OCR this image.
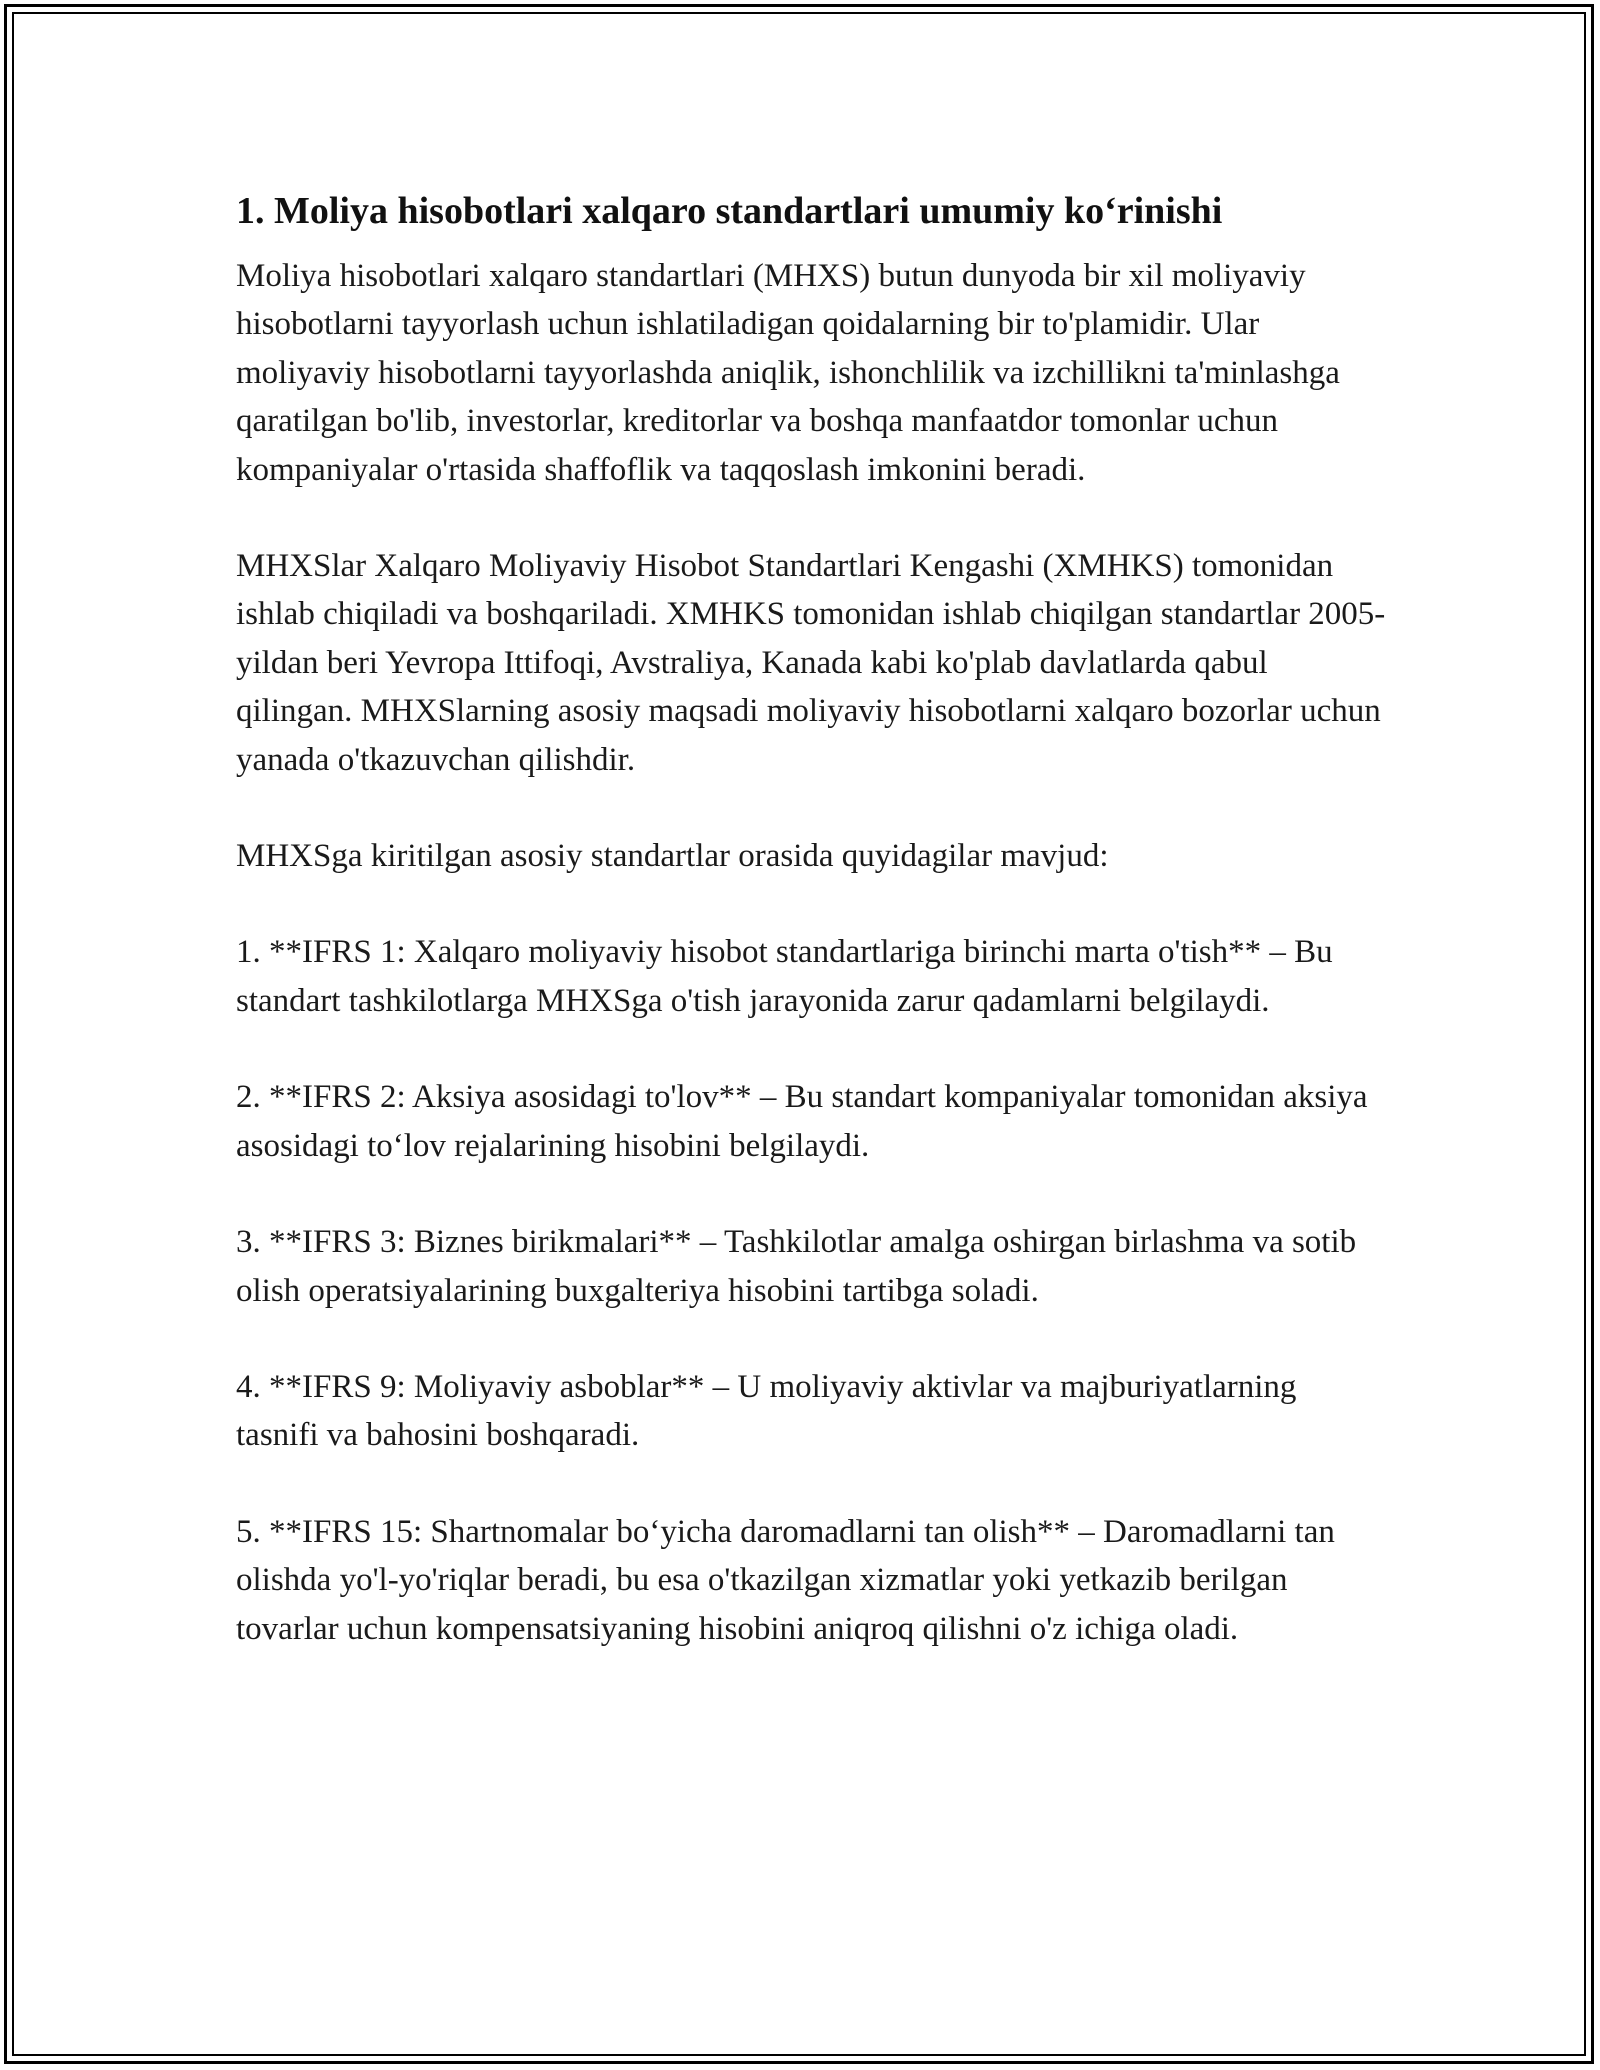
1. Moliya hisobotlari xalqaro standartlari umumiy ko‘rinishi

Moliya hisobotlari xalqaro standartlari (MHXS) butun dunyoda bir xil moliyaviy hisobotlarni tayyorlash uchun ishlatiladigan qoidalarning bir to'plamidir. Ular moliyaviy hisobotlarni tayyorlashda aniqlik, ishonchlilik va izchillikni ta'minlashga qaratilgan bo'lib, investorlar, kreditorlar va boshqa manfaatdor tomonlar uchun kompaniyalar o'rtasida shaffoflik va taqqoslash imkonini beradi.

MHXSlar Xalqaro Moliyaviy Hisobot Standartlari Kengashi (XMHKS) tomonidan ishlab chiqiladi va boshqariladi. XMHKS tomonidan ishlab chiqilgan standartlar 2005-yildan beri Yevropa Ittifoqi, Avstraliya, Kanada kabi ko'plab davlatlarda qabul qilingan. MHXSlarning asosiy maqsadi moliyaviy hisobotlarni xalqaro bozorlar uchun yanada o'tkazuvchan qilishdir.

MHXSga kiritilgan asosiy standartlar orasida quyidagilar mavjud:

1. **IFRS 1: Xalqaro moliyaviy hisobot standartlariga birinchi marta o'tish** – Bu standart tashkilotlarga MHXSga o'tish jarayonida zarur qadamlarni belgilaydi.

2. **IFRS 2: Aksiya asosidagi to'lov** – Bu standart kompaniyalar tomonidan aksiya asosidagi to‘lov rejalarining hisobini belgilaydi.

3. **IFRS 3: Biznes birikmalari** – Tashkilotlar amalga oshirgan birlashma va sotib olish operatsiyalarining buxgalteriya hisobini tartibga soladi.

4. **IFRS 9: Moliyaviy asboblar** – U moliyaviy aktivlar va majburiyatlarning tasnifi va bahosini boshqaradi.

5. **IFRS 15: Shartnomalar bo‘yicha daromadlarni tan olish** – Daromadlarni tan olishda yo'l-yo'riqlar beradi, bu esa o'tkazilgan xizmatlar yoki yetkazib berilgan tovarlar uchun kompensatsiyaning hisobini aniqroq qilishni o'z ichiga oladi.
